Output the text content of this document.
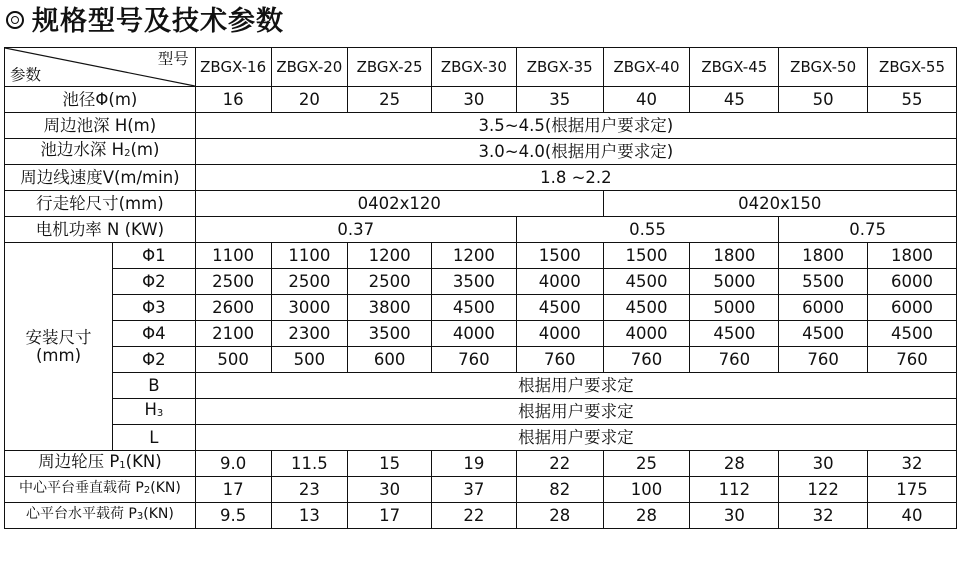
规格型号及技术参数
型号
参数		ZBGX-16	ZBGX-20	ZBGX-25	ZBGX-30	ZBGX-35	ZBGX-40	ZBGX-45	ZBGX-50	ZBGX-55
池径Φ(m)		16	20	25	30	35	40	45	50	55
周边池深 H(m)		3.5~4.5(根据用户要求定)								
池边水深 $H_2(m)$		3.0~4.0(根据用户要求定)								
周边线速度V(m/min)		1.8 ~2.2								
行走轮尺寸(mm)		0402x120					0420x150			
电机功率 N (KW)		0.37				0.55			0.75	

安装尺寸
(mm)	Φ1	1100	1100	1200	1200	1500	1500	1800	1800	1800
	Φ2	2500	2500	2500	3500	4000	4500	5000	5500	6000
	Φ3	2600	3000	3800	4500	4500	4500	5000	6000	6000
	Φ4	2100	2300	3500	4000	4000	4000	4500	4500	4500
	Φ2	500	500	600	760	760	760	760	760	760
	B	根据用户要求定								
	$H_3$	根据用户要求定								
	L	根据用户要求定								
周边轮压 $P_1(KN)$		9.0	11.5	15	19	22	25	28	30	32
中心平台垂直载荷 $P_2(KN)$		17	23	30	37	82	100	112	122	175
心平台水平载荷 $P_3(KN)$		9.5	13	17	22	28	28	30	32	40
